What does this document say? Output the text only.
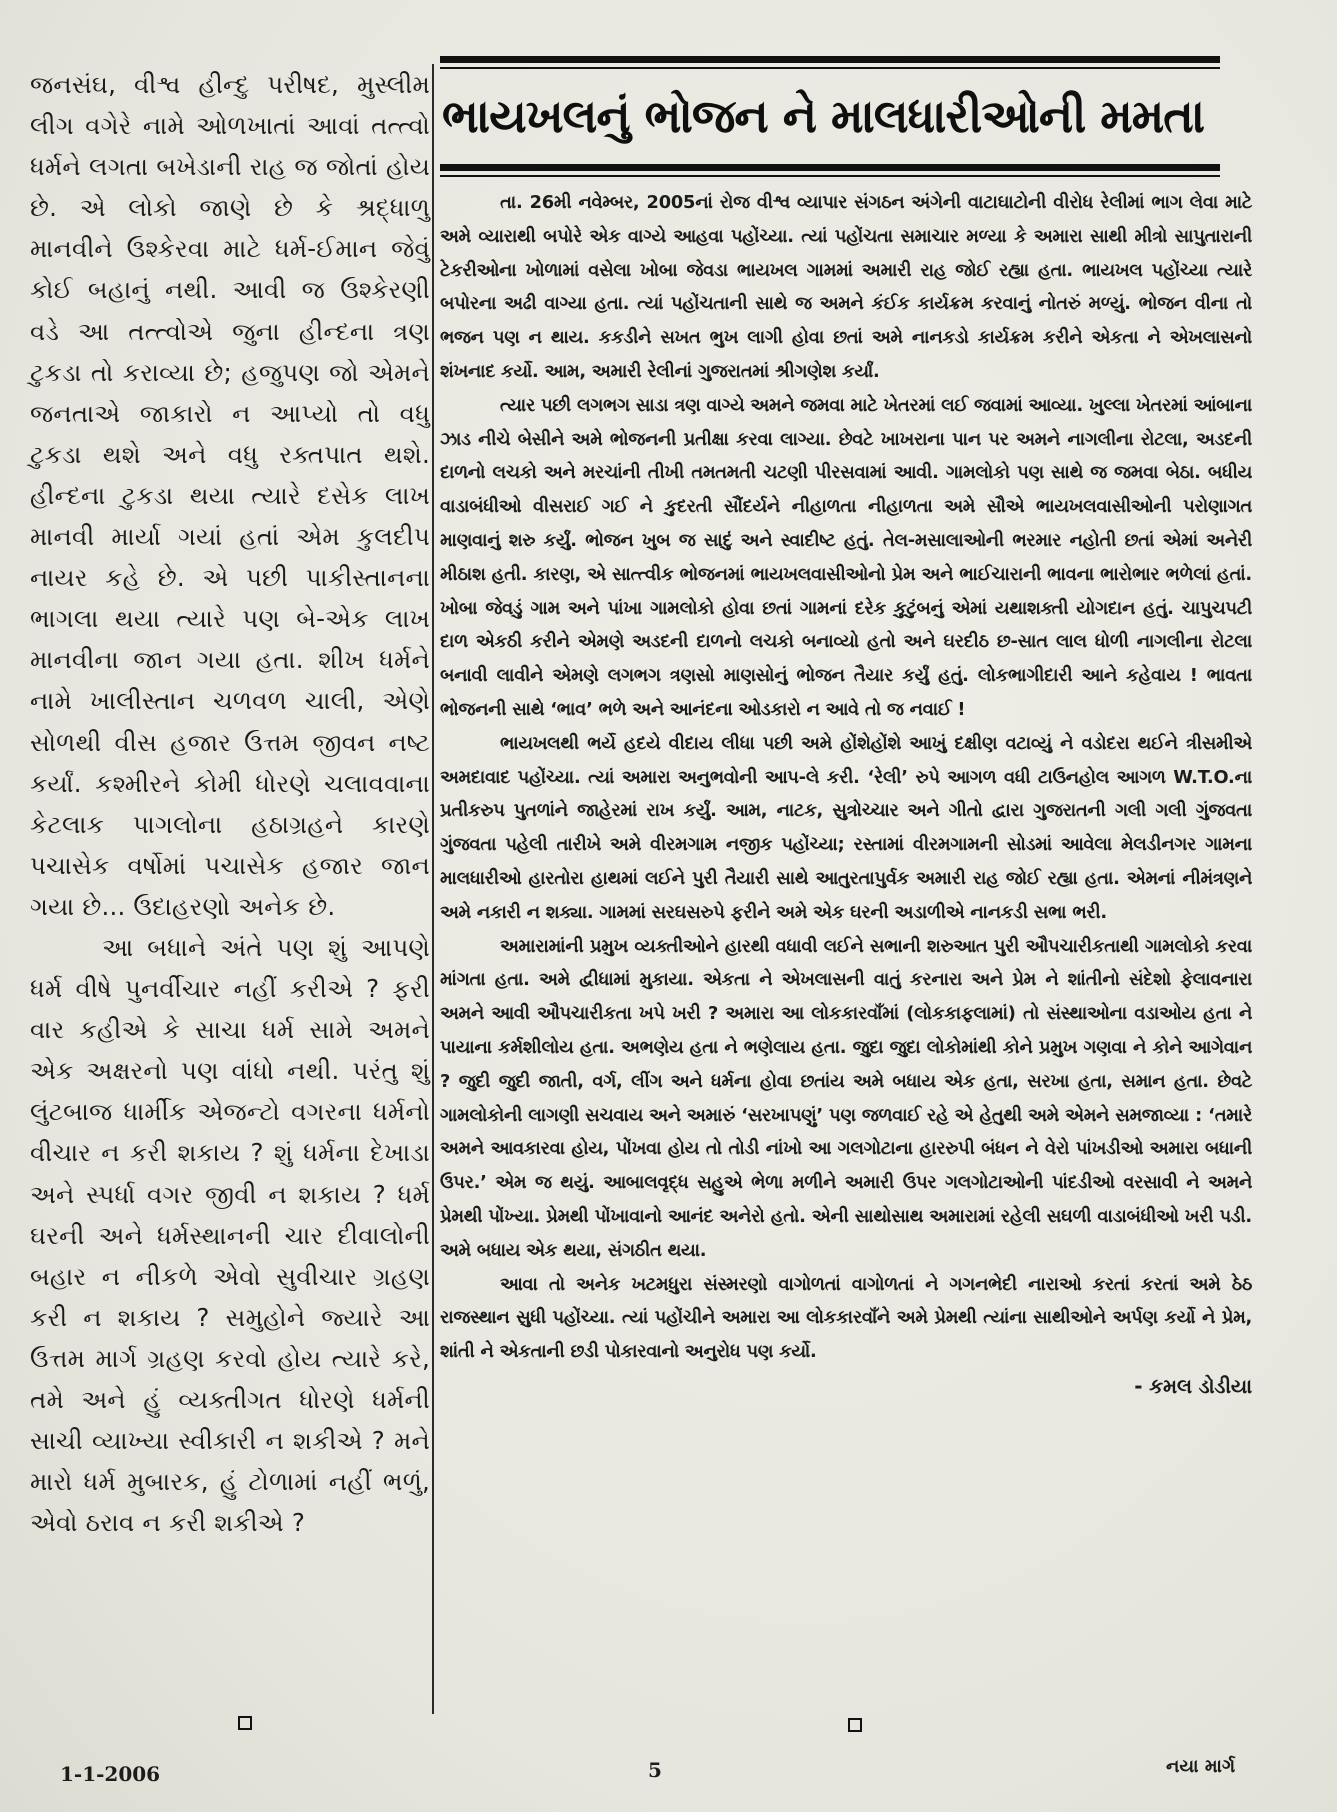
જનસંઘ, વીશ્વ હીન્દુ પરીષદ, મુસ્લીમ લીગ વગેરે નામે ઓળખાતાં આવાં તત્ત્વો ધર્મને લગતા બખેડાની રાહ જ જોતાં હોય છે. એ લોકો જાણે છે કે શ્રદ્ધાળુ માનવીને ઉશ્કેરવા માટે ધર્મ-ઈમાન જેવું કોઈ બહાનું નથી. આવી જ ઉશ્કેરણી વડે આ તત્ત્વોએ જુના હીન્દના ત્રણ ટુકડા તો કરાવ્યા છે; હજુપણ જો એમને જનતાએ જાકારો ન આપ્યો તો વધુ ટુકડા થશે અને વધુ રક્તપાત થશે. હીન્દના ટુકડા થયા ત્યારે દસેક લાખ માનવી માર્યા ગયાં હતાં એમ કુલદીપ નાયર કહે છે. એ પછી પાકીસ્તાનના ભાગલા થયા ત્યારે પણ બે-એક લાખ માનવીના જાન ગયા હતા. શીખ ધર્મને નામે ખાલીસ્તાન ચળવળ ચાલી, એણે સોળથી વીસ હજાર ઉત્તમ જીવન નષ્ટ કર્યાં. કશ્મીરને કોમી ધોરણે ચલાવવાના કેટલાક પાગલોના હઠાગ્રહને કારણે પચાસેક વર્ષોમાં પચાસેક હજાર જાન ગયા છે... ઉદાહરણો અનેક છે.

આ બધાને અંતે પણ શું આપણે ધર્મ વીષે પુનર્વીચાર નહીં કરીએ ? ફરી વાર કહીએ કે સાચા ધર્મ સામે અમને એક અક્ષરનો પણ વાંધો નથી. પરંતુ શું લુંટબાજ ધાર્મીક એજન્ટો વગરના ધર્મનો વીચાર ન કરી શકાય ? શું ધર્મના દેખાડા અને સ્પર્ધા વગર જીવી ન શકાય ? ધર્મ ઘરની અને ધર્મસ્થાનની ચાર દીવાલોની બહાર ન નીકળે એવો સુવીચાર ગ્રહણ કરી ન શકાય ? સમુહોને જ્યારે આ ઉત્તમ માર્ગ ગ્રહણ કરવો હોય ત્યારે કરે, તમે અને હું વ્યક્તીગત ધોરણે ધર્મની સાચી વ્યાખ્યા સ્વીકારી ન શકીએ ? મને મારો ધર્મ મુબારક, હું ટોળામાં નહીં ભળું, એવો ઠરાવ ન કરી શકીએ ?

ભાયખલનું ભોજન ને માલધારીઓની મમતા

તા. 26મી નવેમ્બર, 2005નાં રોજ વીશ્વ વ્યાપાર સંગઠન અંગેની વાટાઘાટોની વીરોધ રેલીમાં ભાગ લેવા માટે અમે વ્યારાથી બપોરે એક વાગ્યે આહવા પહોંચ્યા. ત્યાં પહોંચતા સમાચાર મળ્યા કે અમારા સાથી મીત્રો સાપુતારાની ટેકરીઓના ખોળામાં વસેલા ખોબા જેવડા ભાયખલ ગામમાં અમારી રાહ જોઈ રહ્યા હતા. ભાયખલ પહોંચ્યા ત્યારે બપોરના અઢી વાગ્યા હતા. ત્યાં પહોંચતાની સાથે જ અમને કંઈક કાર્યક્રમ કરવાનું નોતરું મળ્યું. ભોજન વીના તો ભજન પણ ન થાય. કકડીને સખત ભુખ લાગી હોવા છતાં અમે નાનકડો કાર્યક્રમ કરીને એકતા ને એખલાસનો શંખનાદ કર્યો. આમ, અમારી રેલીનાં ગુજરાતમાં શ્રીગણેશ કર્યાં.

ત્યાર પછી લગભગ સાડા ત્રણ વાગ્યે અમને જમવા માટે ખેતરમાં લઈ જવામાં આવ્યા. ખુલ્લા ખેતરમાં આંબાના ઝાડ નીચે બેસીને અમે ભોજનની પ્રતીક્ષા કરવા લાગ્યા. છેવટે ખાખરાના પાન પર અમને નાગલીના રોટલા, અડદની દાળનો લચકો અને મરચાંની તીખી તમતમતી ચટણી પીરસવામાં આવી. ગામલોકો પણ સાથે જ જમવા બેઠા. બધીય વાડાબંધીઓ વીસરાઈ ગઈ ને કુદરતી સૌંદર્યને નીહાળતા નીહાળતા અમે સૌએ ભાયખલવાસીઓની પરોણાગત માણવાનું શરુ કર્યું. ભોજન ખુબ જ સાદું અને સ્વાદીષ્ટ હતું. તેલ-મસાલાઓની ભરમાર નહોતી છતાં એમાં અનેરી મીઠાશ હતી. કારણ, એ સાત્ત્વીક ભોજનમાં ભાયખલવાસીઓનો પ્રેમ અને ભાઈચારાની ભાવના ભારોભાર ભળેલાં હતાં. ખોબા જેવડું ગામ અને પાંખા ગામલોકો હોવા છતાં ગામનાં દરેક કુટુંબનું એમાં યથાશક્તી યોગદાન હતું. ચાપુચપટી દાળ એકઠી કરીને એમણે અડદની દાળનો લચકો બનાવ્યો હતો અને ઘરદીઠ છ-સાત લાલ ધોળી નાગલીના રોટલા બનાવી લાવીને એમણે લગભગ ત્રણસો માણસોનું ભોજન તૈયાર કર્યું હતું. લોકભાગીદારી આને કહેવાય ! ભાવતા ભોજનની સાથે ‘ભાવ’ ભળે અને આનંદના ઓડકારો ન આવે તો જ નવાઈ !

ભાયખલથી ભર્યે હદયે વીદાય લીધા પછી અમે હોંશેહોંશે આખું દક્ષીણ વટાવ્યું ને વડોદરા થઈને ત્રીસમીએ અમદાવાદ પહોંચ્યા. ત્યાં અમારા અનુભવોની આપ-લે કરી. ‘રેલી’ રુપે આગળ વધી ટાઉનહોલ આગળ W.T.O.ના પ્રતીકરુપ પુતળાંને જાહેરમાં રાખ કર્યું. આમ, નાટક, સુત્રોચ્ચાર અને ગીતો દ્વારા ગુજરાતની ગલી ગલી ગુંજવતા ગુંજવતા પહેલી તારીખે અમે વીરમગામ નજીક પહોંચ્યા; રસ્તામાં વીરમગામની સોડમાં આવેલા મેલડીનગર ગામના માલધારીઓ હારતોરા હાથમાં લઈને પુરી તૈયારી સાથે આતુરતાપુર્વક અમારી રાહ જોઈ રહ્યા હતા. એમનાં નીમંત્રણને અમે નકારી ન શક્યા. ગામમાં સરઘસરુપે ફરીને અમે એક ઘરની અડાળીએ નાનકડી સભા ભરી.

અમારામાંની પ્રમુખ વ્યક્તીઓને હારથી વધાવી લઈને સભાની શરુઆત પુરી ઔપચારીકતાથી ગામલોકો કરવા માંગતા હતા. અમે દ્વીધામાં મુકાયા. એકતા ને એખલાસની વાતું કરનારા અને પ્રેમ ને શાંતીનો સંદેશો ફેલાવનારા અમને આવી ઔપચારીકતા ખપે ખરી ? અમારા આ લોકકારવાઁમાં (લોકકાફલામાં) તો સંસ્થાઓના વડાઓય હતા ને પાયાના કર્મશીલોય હતા. અભણેય હતા ને ભણેલાય હતા. જુદા જુદા લોકોમાંથી કોને પ્રમુખ ગણવા ને કોને આગેવાન ? જુદી જુદી જાતી, વર્ગ, લીંગ અને ધર્મના હોવા છતાંય અમે બધાય એક હતા, સરખા હતા, સમાન હતા. છેવટે ગામલોકોની લાગણી સચવાય અને અમારું ‘સરખાપણું’ પણ જળવાઈ રહે એ હેતુથી અમે એમને સમજાવ્યા : ‘તમારે અમને આવકારવા હોય, પોંખવા હોય તો તોડી નાંખો આ ગલગોટાના હારરુપી બંધન ને વેરો પાંખડીઓ અમારા બધાની ઉપર.’ એમ જ થયું. આબાલવૃદ્ધ સહુએ ભેળા મળીને અમારી ઉપર ગલગોટાઓની પાંદડીઓ વરસાવી ને અમને પ્રેમથી પોંખ્યા. પ્રેમથી પોંખાવાનો આનંદ અનેરો હતો. એની સાથોસાથ અમારામાં રહેલી સઘળી વાડાબંધીઓ ખરી પડી. અમે બધાય એક થયા, સંગઠીત થયા.

આવા તો અનેક ખટમધુરા સંસ્મરણો વાગોળતાં વાગોળતાં ને ગગનભેદી નારાઓ કરતાં કરતાં અમે ઠેઠ રાજસ્થાન સુધી પહોંચ્યા. ત્યાં પહોંચીને અમારા આ લોકકારવાઁને અમે પ્રેમથી ત્યાંના સાથીઓને અર્પણ કર્યો ને પ્રેમ, શાંતી ને એકતાની છડી પોકારવાનો અનુરોધ પણ કર્યો.

- કમલ ડોડીયા

1-1-2006	5	નયા માર્ગ
